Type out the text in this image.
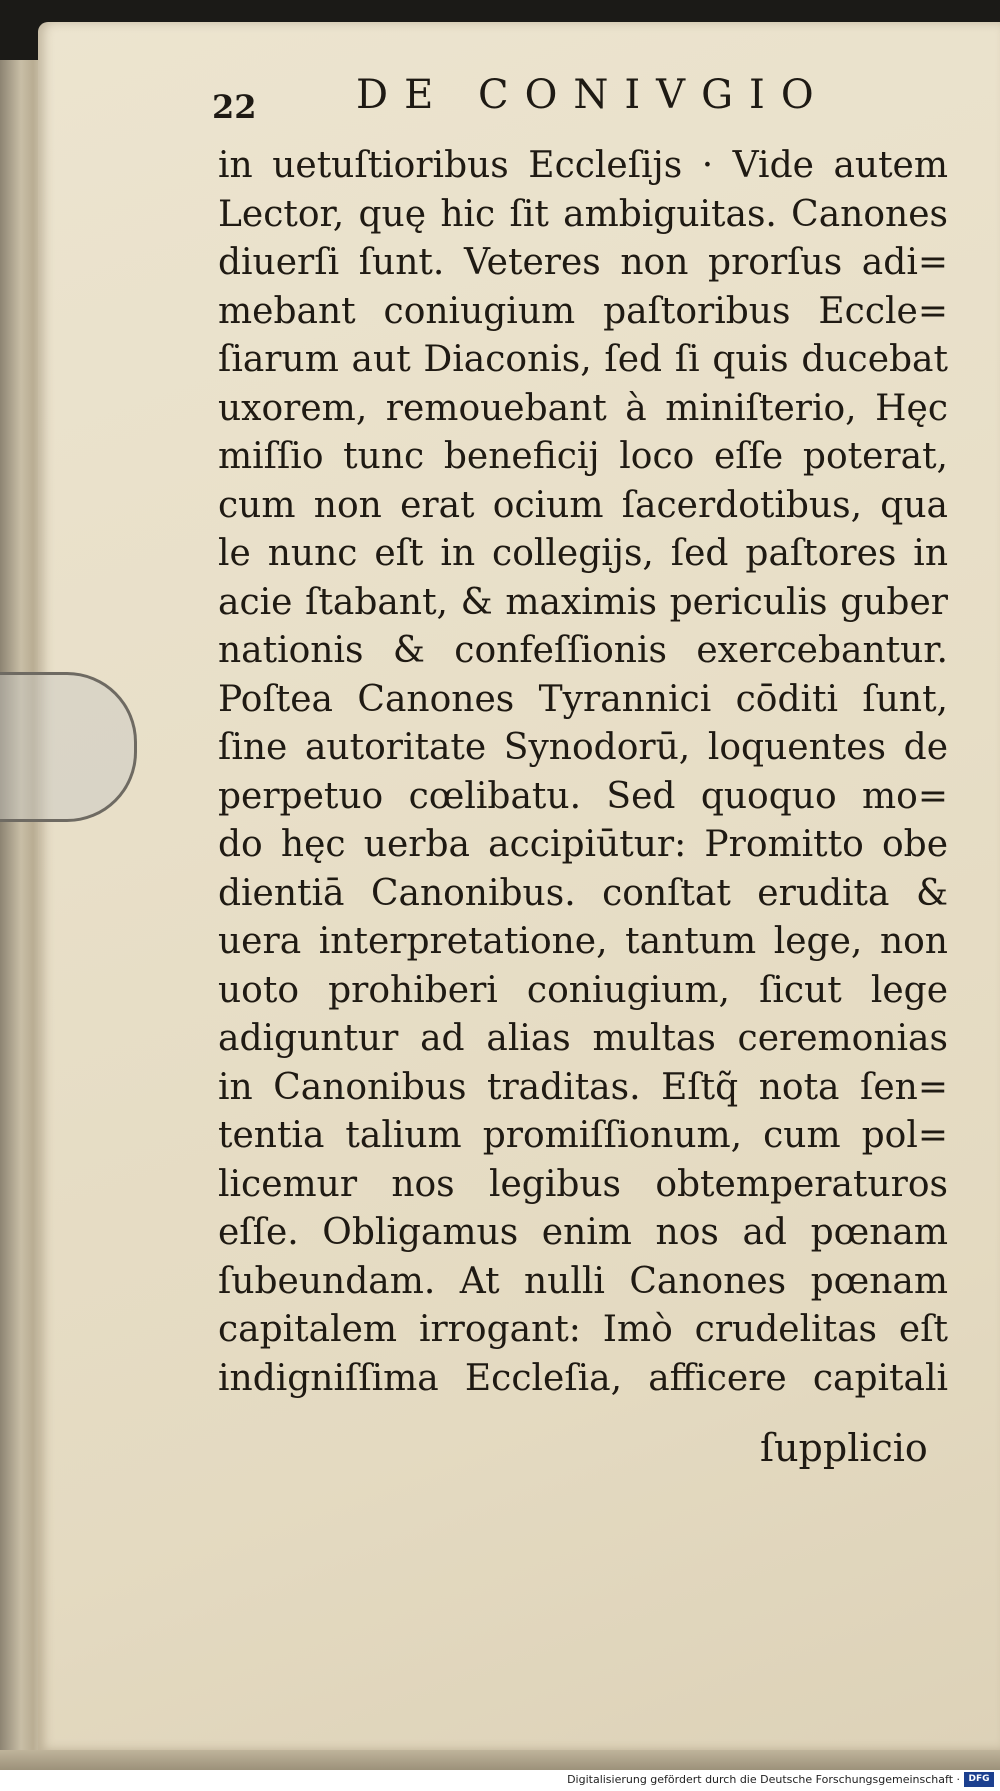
22 DE CONIVGIO
in uetuſtioribus Eccleſijs · Vide autem
Lector, quę hic ſit ambiguitas. Canones
diuerſi ſunt. Veteres non prorſus adi=
mebant coniugium paſtoribus Eccle=
ſiarum aut Diaconis, ſed ſi quis ducebat
uxorem, remouebant à miniſterio, Hęc
miſſio tunc beneficij loco eſſe poterat,
cum non erat ocium ſacerdotibus, qua
le nunc eſt in collegijs, ſed paſtores in
acie ſtabant, & maximis periculis guber
nationis & confeſſionis exercebantur.
Poſtea Canones Tyrannici cōditi ſunt,
ſine autoritate Synodorū, loquentes de
perpetuo cœlibatu. Sed quoquo mo=
do hęc uerba accipiūtur: Promitto obe
dientiā Canonibus. conſtat erudita &
uera interpretatione, tantum lege, non
uoto prohiberi coniugium, ſicut lege
adiguntur ad alias multas ceremonias
in Canonibus traditas. Eſtq̃ nota ſen=
tentia talium promiſſionum, cum pol=
licemur nos legibus obtemperaturos
eſſe. Obligamus enim nos ad pœnam
ſubeundam. At nulli Canones pœnam
capitalem irrogant: Imò crudelitas eſt
indigniſſima Eccleſia, afficere capitali
ſupplicio
Digitalisierung gefördert durch die Deutsche Forschungsgemeinschaft · DFG
